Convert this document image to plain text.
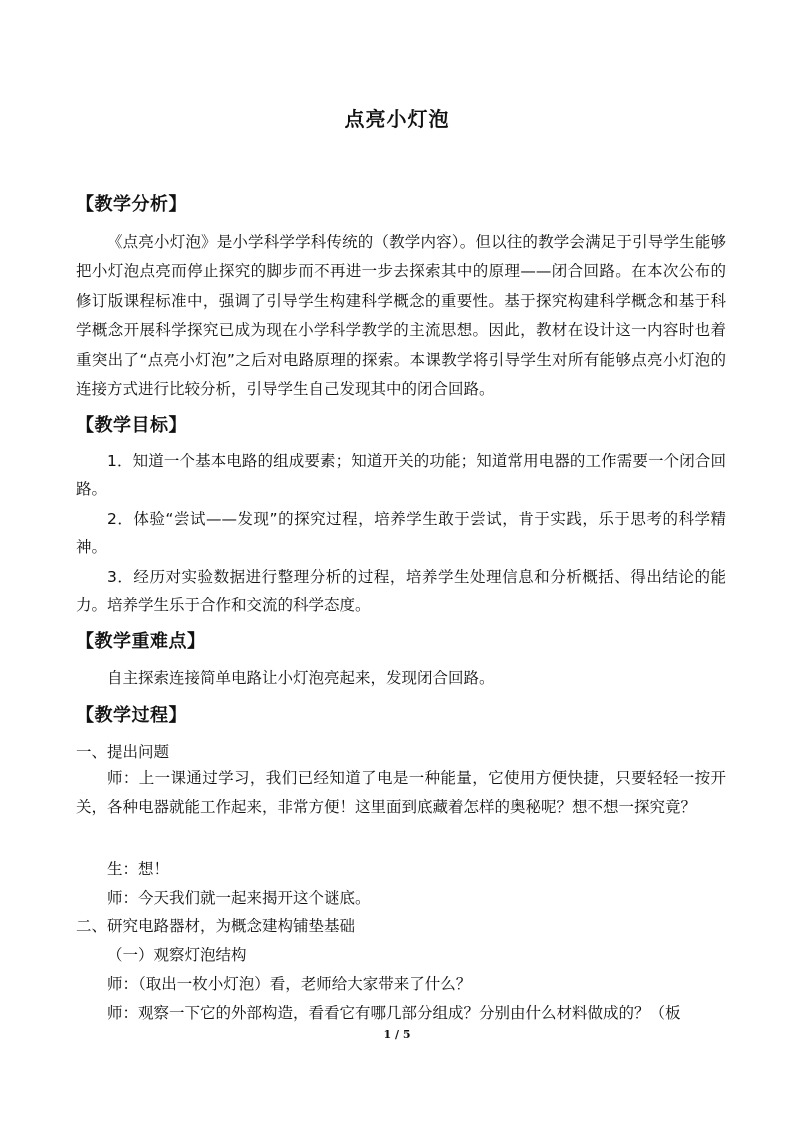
点亮小灯泡
【教学分析】

《点亮小灯泡》是小学科学学科传统的（教学内容）。但以往的教学会满足于引导学生能够把小灯泡点亮而停止探究的脚步而不再进一步去探索其中的原理——闭合回路。在本次公布的修订版课程标准中，强调了引导学生构建科学概念的重要性。基于探究构建科学概念和基于科学概念开展科学探究已成为现在小学科学教学的主流思想。因此，教材在设计这一内容时也着重突出了“点亮小灯泡”之后对电路原理的探索。本课教学将引导学生对所有能够点亮小灯泡的连接方式进行比较分析，引导学生自己发现其中的闭合回路。

【教学目标】

1．知道一个基本电路的组成要素；知道开关的功能；知道常用电器的工作需要一个闭合回路。

2．体验“尝试——发现”的探究过程，培养学生敢于尝试，肯于实践，乐于思考的科学精神。

3．经历对实验数据进行整理分析的过程，培养学生处理信息和分析概括、得出结论的能力。培养学生乐于合作和交流的科学态度。

【教学重难点】
自主探索连接简单电路让小灯泡亮起来，发现闭合回路。
【教学过程】
一、提出问题

师：上一课通过学习，我们已经知道了电是一种能量，它使用方便快捷，只要轻轻一按开关，各种电器就能工作起来，非常方便！这里面到底藏着怎样的奥秘呢？想不想一探究竟？

生：想！
师：今天我们就一起来揭开这个谜底。
二、研究电路器材，为概念建构铺垫基础
（一）观察灯泡结构
师：（取出一枚小灯泡）看，老师给大家带来了什么？
师：观察一下它的外部构造，看看它有哪几部分组成？分别由什么材料做成的？（板
1 / 5
